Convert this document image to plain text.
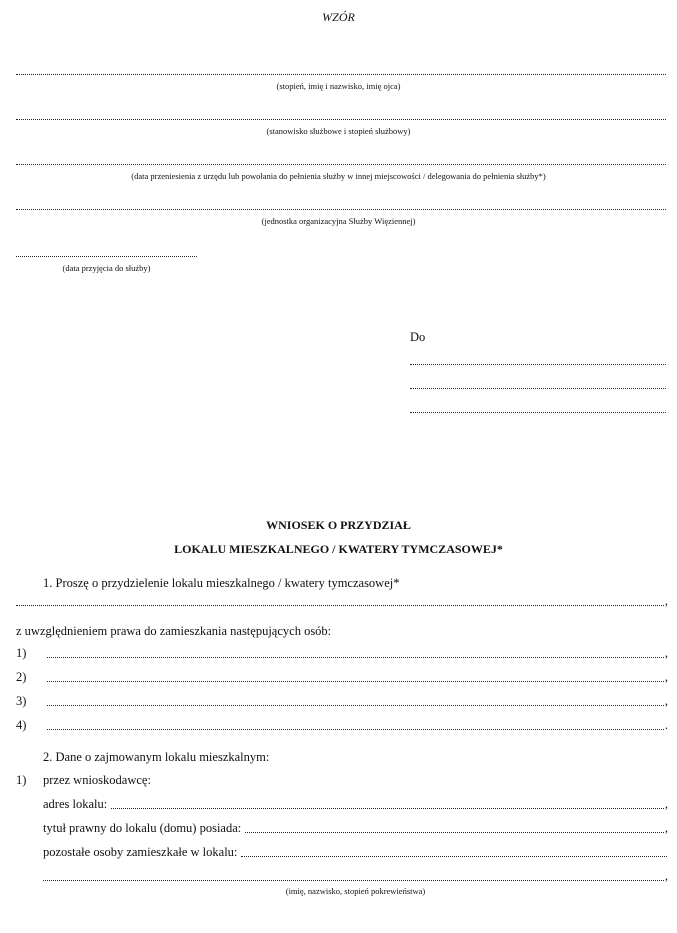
WZÓR
(stopień, imię i nazwisko, imię ojca)
(stanowisko służbowe i stopień służbowy)
(data przeniesienia z urzędu lub powołania do pełnienia służby w innej miejscowości / delegowania do pełnienia służby*)
(jednostka organizacyjna Służby Więziennej)
(data przyjęcia do służby)
Do
WNIOSEK O PRZYDZIAŁ
LOKALU MIESZKALNEGO / KWATERY TYMCZASOWEJ*
1. Proszę o przydzielenie lokalu mieszkalnego / kwatery tymczasowej*
,
z uwzględnieniem prawa do zamieszkania następujących osób:
1)	,
2)	,
3)	,
4)	.
2. Dane o zajmowanym lokalu mieszkalnym:
1) przez wnioskodawcę:
adres lokalu:	,
tytuł prawny do lokalu (domu) posiada:	,
pozostałe osoby zamieszkałe w lokalu:
,
(imię, nazwisko, stopień pokrewieństwa)
